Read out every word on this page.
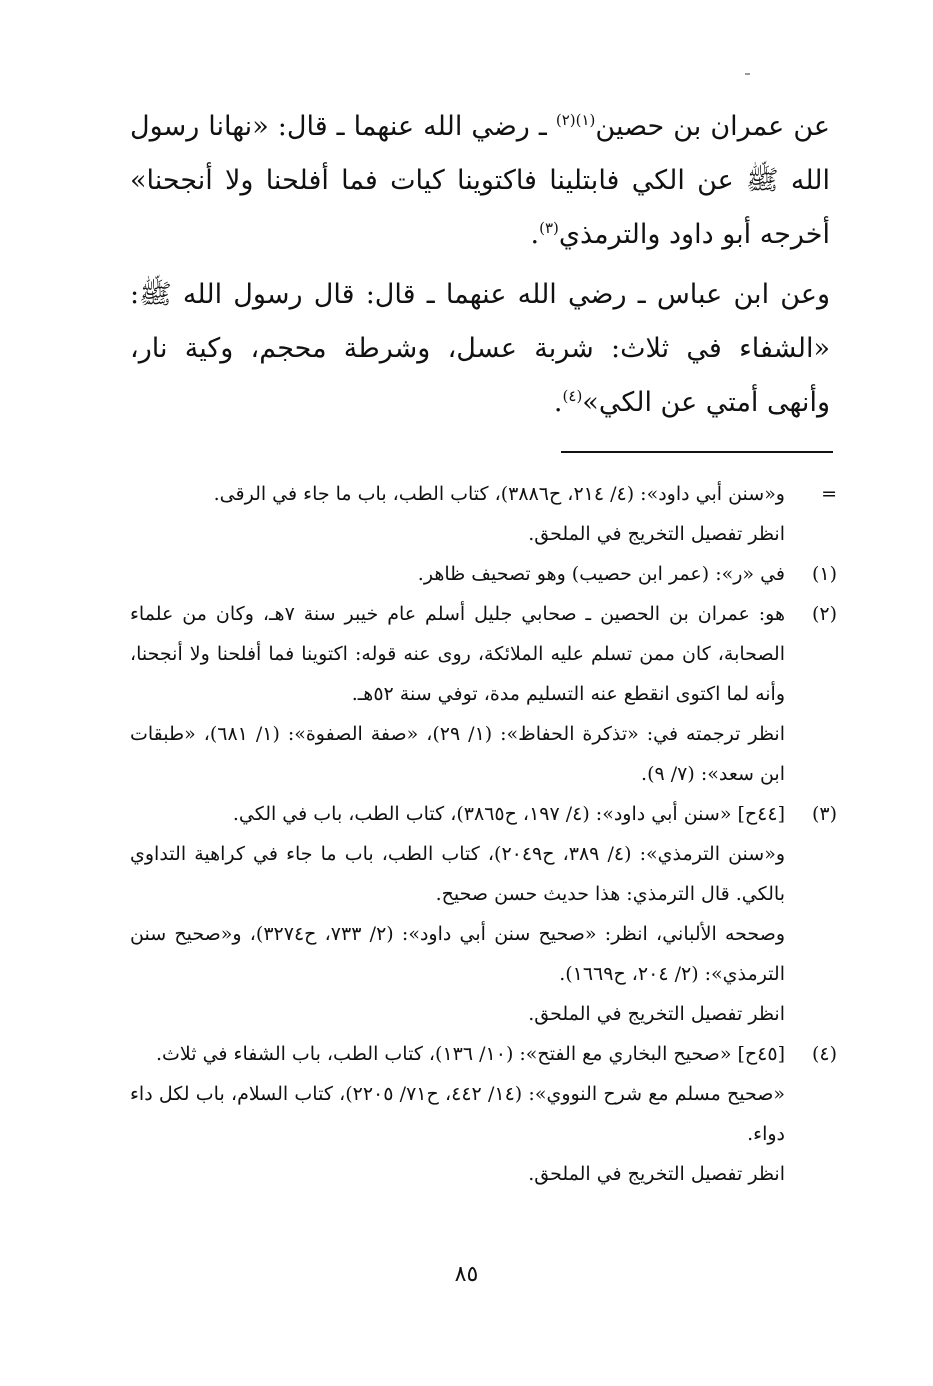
عن عمران بن حصين$^{(١)(٢)}$ ـ رضي الله عنهما ـ قال: «نهانا رسول الله ﷺ عن الكي فابتلينا فاكتوينا كيات فما أفلحنا ولا أنجحنا» أخرجه أبو داود والترمذي$^{(٣)}$.

وعن ابن عباس ـ رضي الله عنهما ـ قال: قال رسول الله ﷺ: «الشفاء في ثلاث: شربة عسل، وشرطة محجم، وكية نار، وأنهى أمتي عن الكي»$^{(٤)}$.

=
و«سنن أبي داود»: (٤/ ٢١٤، ح٣٨٨٦)، كتاب الطب، باب ما جاء في الرقى.
انظر تفصيل التخريج في الملحق.
(١)
في «ر»: (عمر ابن حصيب) وهو تصحيف ظاهر.
(٢)
هو: عمران بن الحصين ـ صحابي جليل أسلم عام خيبر سنة ٧هـ، وكان من علماء الصحابة، كان ممن تسلم عليه الملائكة، روى عنه قوله: اكتوينا فما أفلحنا ولا أنجحنا، وأنه لما اكتوى انقطع عنه التسليم مدة، توفي سنة ٥٢هـ.
انظر ترجمته في: «تذكرة الحفاظ»: (١/ ٢٩)، «صفة الصفوة»: (١/ ٦٨١)، «طبقات ابن سعد»: (٧/ ٩).
(٣)
[٤٤ح] «سنن أبي داود»: (٤/ ١٩٧، ح٣٨٦٥)، كتاب الطب، باب في الكي.
و«سنن الترمذي»: (٤/ ٣٨٩، ح٢٠٤٩)، كتاب الطب، باب ما جاء في كراهية التداوي بالكي. قال الترمذي: هذا حديث حسن صحيح.
وصححه الألباني، انظر: «صحيح سنن أبي داود»: (٢/ ٧٣٣، ح٣٢٧٤)، و«صحيح سنن الترمذي»: (٢/ ٢٠٤، ح١٦٦٩).
انظر تفصيل التخريج في الملحق.
(٤)
[٤٥ح] «صحيح البخاري مع الفتح»: (١٠/ ١٣٦)، كتاب الطب، باب الشفاء في ثلاث.
«صحيح مسلم مع شرح النووي»: (١٤/ ٤٤٢، ح٧١/ ٢٢٠٥)، كتاب السلام، باب لكل داء دواء.
انظر تفصيل التخريج في الملحق.
٨٥
